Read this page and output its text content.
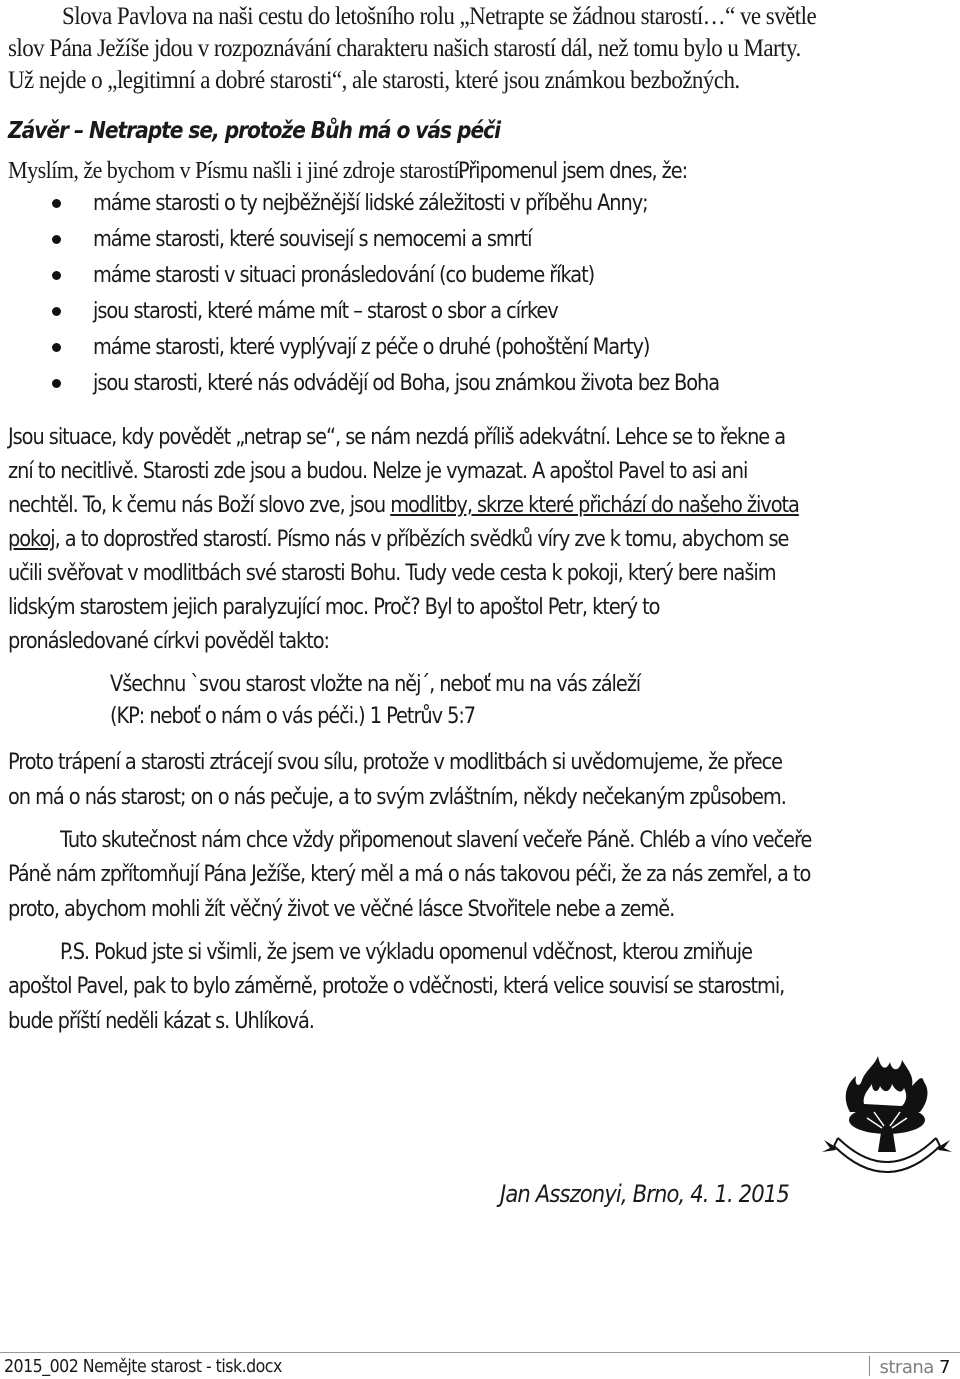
Slova Pavlova na naši cestu do letošního rolu „Netrapte se žádnou starostí…“ ve světle
slov Pána Ježíše jdou v rozpoznávání charakteru našich starostí dál, než tomu bylo u Marty.
Už nejde o „legitimní a dobré starosti“, ale starosti, které jsou známkou bezbožných.
Závěr – Netrapte se, protože Bůh má o vás péči
Myslím, že bychom v Písmu našli i jiné zdroje starostí.Připomenul jsem dnes, že:
máme starosti o ty nejběžnější lidské záležitosti v příběhu Anny;
máme starosti, které souvisejí s nemocemi a smrtí
máme starosti v situaci pronásledování (co budeme říkat)
jsou starosti, které máme mít – starost o sbor a církev
máme starosti, které vyplývají z péče o druhé (pohoštění Marty)
jsou starosti, které nás odvádějí od Boha, jsou známkou života bez Boha
Jsou situace, kdy povědět „netrap se“, se nám nezdá příliš adekvátní. Lehce se to řekne a
zní to necitlivě. Starosti zde jsou a budou. Nelze je vymazat. A apoštol Pavel to asi ani
nechtěl. To, k čemu nás Boží slovo zve, jsou modlitby, skrze které přichází do našeho života
pokoj, a to doprostřed starostí. Písmo nás v příbězích svědků víry zve k tomu, abychom se
učili svěřovat v modlitbách své starosti Bohu. Tudy vede cesta k pokoji, který bere našim
lidským starostem jejich paralyzující moc. Proč? Byl to apoštol Petr, který to
pronásledované církvi pověděl takto:
Všechnu `svou starost vložte na něj´, neboť mu na vás záleží
(KP: neboť o nám o vás péči.) 1 Petrův 5:7
Proto trápení a starosti ztrácejí svou sílu, protože v modlitbách si uvědomujeme, že přece
on má o nás starost; on o nás pečuje, a to svým zvláštním, někdy nečekaným způsobem.
Tuto skutečnost nám chce vždy připomenout slavení večeře Páně. Chléb a víno večeře
Páně nám zpřítomňují Pána Ježíše, který měl a má o nás takovou péči, že za nás zemřel, a to
proto, abychom mohli žít věčný život ve věčné lásce Stvořitele nebe a země.
P.S. Pokud jste si všimli, že jsem ve výkladu opomenul vděčnost, kterou zmiňuje
apoštol Pavel, pak to bylo záměrně, protože o vděčnosti, která velice souvisí se starostmi,
bude příští neděli kázat s. Uhlíková.
Jan Asszonyi, Brno, 4. 1. 2015
2015_002 Nemějte starost - tisk.docx	strana 7
